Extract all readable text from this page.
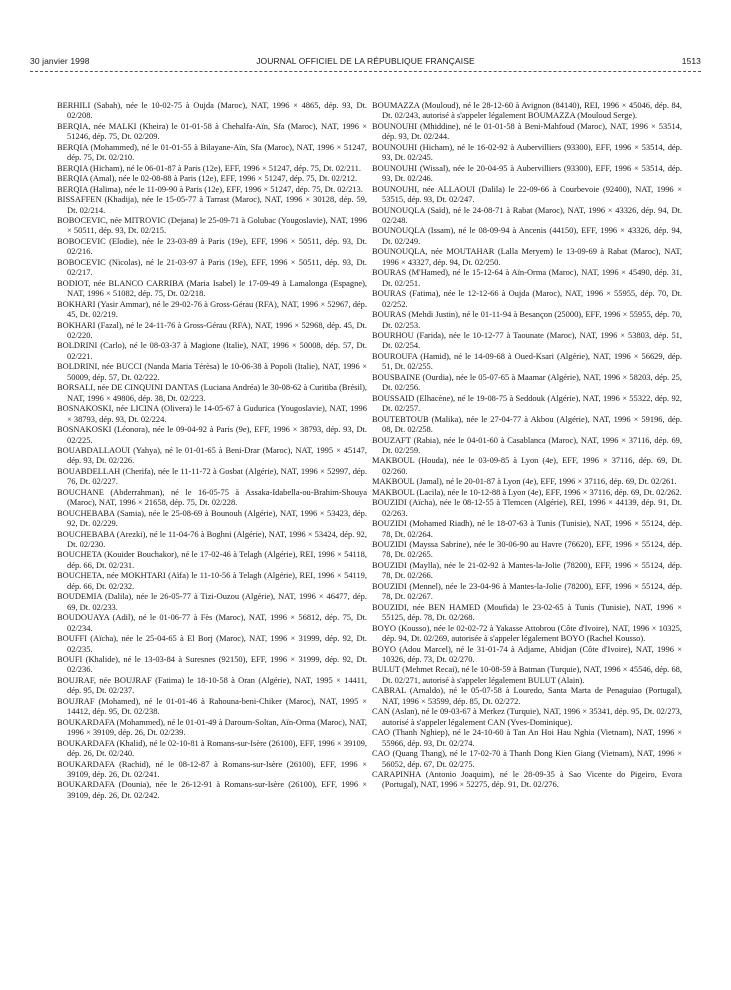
30 janvier 1998	JOURNAL OFFICIEL DE LA RÉPUBLIQUE FRANÇAISE	1513

BERHILI (Sabah), née le 10-02-75 à Oujda (Maroc), NAT, 1996 × 4865, dép. 93, Dt. 02/208.

BERQIA, née MALKI (Kheira) le 01-01-58 à Chehalfa-Aïn, Sfa (Maroc), NAT, 1996 × 51246, dép. 75, Dt. 02/209.

BERQIA (Mohammed), né le 01-01-55 à Bilayane-Aïn, Sfa (Maroc), NAT, 1996 × 51247, dép. 75, Dt. 02/210.

BERQIA (Hicham), né le 06-01-87 à Paris (12e), EFF, 1996 × 51247, dép. 75, Dt. 02/211.

BERQIA (Amal), née le 02-08-88 à Paris (12e), EFF, 1996 × 51247, dép. 75, Dt. 02/212.

BERQIA (Halima), née le 11-09-90 à Paris (12e), EFF, 1996 × 51247, dép. 75, Dt. 02/213.

BISSAFFEN (Khadija), née le 15-05-77 à Tarrast (Maroc), NAT, 1996 × 30128, dép. 59, Dt. 02/214.

BOBOCEVIC, née MITROVIC (Dejana) le 25-09-71 à Golubac (Yougoslavie), NAT, 1996 × 50511, dép. 93, Dt. 02/215.

BOBOCEVIC (Elodie), née le 23-03-89 à Paris (19e), EFF, 1996 × 50511, dép. 93, Dt. 02/216.

BOBOCEVIC (Nicolas), né le 21-03-97 à Paris (19e), EFF, 1996 × 50511, dép. 93, Dt. 02/217.

BODIOT, née BLANCO CARRIBA (Maria Isabel) le 17-09-49 à Lamalonga (Espagne), NAT, 1996 × 51082, dép. 75, Dt. 02/218.

BOKHARI (Yasir Ammar), né le 29-02-76 à Gross-Gérau (RFA), NAT, 1996 × 52967, dép. 45, Dt. 02/219.

BOKHARI (Fazal), né le 24-11-76 à Gross-Gérau (RFA), NAT, 1996 × 52968, dép. 45, Dt. 02/220.

BOLDRINI (Carlo), né le 08-03-37 à Magione (Italie), NAT, 1996 × 50008, dép. 57, Dt. 02/221.

BOLDRINI, née BUCCI (Nanda Maria Térèsa) le 10-06-38 à Popoli (Italie), NAT, 1996 × 50009, dép. 57, Dt. 02/222.

BORSALI, née DE CINQUINI DANTAS (Luciana Andréa) le 30-08-62 à Curitiba (Brésil), NAT, 1996 × 49806, dép. 38, Dt. 02/223.

BOSNAKOSKI, née LICINA (Olivera) le 14-05-67 à Gudurica (Yougoslavie), NAT, 1996 × 38793, dép. 93, Dt. 02/224.

BOSNAKOSKI (Léonora), née le 09-04-92 à Paris (9e), EFF, 1996 × 38793, dép. 93, Dt. 02/225.

BOUABDALLAOUI (Yahya), né le 01-01-65 à Beni-Drar (Maroc), NAT, 1995 × 45147, dép. 93, Dt. 02/226.

BOUABDELLAH (Cherifa), née le 11-11-72 à Gosbat (Algérie), NAT, 1996 × 52997, dép. 76, Dt. 02/227.

BOUCHANE (Abderrahman), né le 16-05-75 à Assaka-Idabella-ou-Brahim-Shouya (Maroc), NAT, 1996 × 21658, dép. 75, Dt. 02/228.

BOUCHEBABA (Samia), née le 25-08-69 à Bounouh (Algérie), NAT, 1996 × 53423, dép. 92, Dt. 02/229.

BOUCHEBABA (Arezki), né le 11-04-76 à Boghni (Algérie), NAT, 1996 × 53424, dép. 92, Dt. 02/230.

BOUCHETA (Kouider Bouchakor), né le 17-02-46 à Telagh (Algérie), REI, 1996 × 54118, dép. 66, Dt. 02/231.

BOUCHETA, née MOKHTARI (Aïfa) le 11-10-56 à Telagh (Algérie), REI, 1996 × 54119, dép. 66, Dt. 02/232.

BOUDEMIA (Dalila), née le 26-05-77 à Tizi-Ouzou (Algérie), NAT, 1996 × 46477, dép. 69, Dt. 02/233.

BOUDOUAYA (Adil), né le 01-06-77 à Fès (Maroc), NAT, 1996 × 56812, dép. 75, Dt. 02/234.

BOUFFI (Aïcha), née le 25-04-65 à El Borj (Maroc), NAT, 1996 × 31999, dép. 92, Dt. 02/235.

BOUFI (Khalide), né le 13-03-84 à Suresnes (92150), EFF, 1996 × 31999, dép. 92, Dt. 02/236.

BOUJRAF, née BOUJRAF (Fatima) le 18-10-58 à Oran (Algérie), NAT, 1995 × 14411, dép. 95, Dt. 02/237.

BOUJRAF (Mohamed), né le 01-01-46 à Rahouna-beni-Chiker (Maroc), NAT, 1995 × 14412, dép. 95, Dt. 02/238.

BOUKARDAFA (Mohammed), né le 01-01-49 à Daroum-Soltan, Aïn-Orma (Maroc), NAT, 1996 × 39109, dép. 26, Dt. 02/239.

BOUKARDAFA (Khalid), né le 02-10-81 à Romans-sur-Isère (26100), EFF, 1996 × 39109, dép. 26, Dt. 02/240.

BOUKARDAFA (Rachid), né le 08-12-87 à Romans-sur-Isère (26100), EFF, 1996 × 39109, dép. 26, Dt. 02/241.

BOUKARDAFA (Dounia), née le 26-12-91 à Romans-sur-Isère (26100), EFF, 1996 × 39109, dép. 26, Dt. 02/242.

BOUMAZZA (Mouloud), né le 28-12-60 à Avignon (84140), REI, 1996 × 45046, dép. 84, Dt. 02/243, autorisé à s'appeler légalement BOUMAZZA (Mouloud Serge).

BOUNOUHI (Mhiddine), né le 01-01-58 à Beni-Mahfoud (Maroc), NAT, 1996 × 53514, dép. 93, Dt. 02/244.

BOUNOUHI (Hicham), né le 16-02-92 à Aubervilliers (93300), EFF, 1996 × 53514, dép. 93, Dt. 02/245.

BOUNOUHI (Wissal), née le 20-04-95 à Aubervilliers (93300), EFF, 1996 × 53514, dép. 93, Dt. 02/246.

BOUNOUHI, née ALLAOUI (Dalila) le 22-09-66 à Courbevoie (92400), NAT, 1996 × 53515, dép. 93, Dt. 02/247.

BOUNOUQLA (Saïd), né le 24-08-71 à Rabat (Maroc), NAT, 1996 × 43326, dép. 94, Dt. 02/248.

BOUNOUQLA (Issam), né le 08-09-94 à Ancenis (44150), EFF, 1996 × 43326, dép. 94, Dt. 02/249.

BOUNOUQLA, née MOUTAHAR (Lalla Meryem) le 13-09-69 à Rabat (Maroc), NAT, 1996 × 43327, dép. 94, Dt. 02/250.

BOURAS (M'Hamed), né le 15-12-64 à Aïn-Orma (Maroc), NAT, 1996 × 45490, dép. 31, Dt. 02/251.

BOURAS (Fatima), née le 12-12-66 à Oujda (Maroc), NAT, 1996 × 55955, dép. 70, Dt. 02/252.

BOURAS (Mehdi Justin), né le 01-11-94 à Besançon (25000), EFF, 1996 × 55955, dép. 70, Dt. 02/253.

BOURHOU (Farida), née le 10-12-77 à Taounate (Maroc), NAT, 1996 × 53803, dép. 51, Dt. 02/254.

BOUROUFA (Hamid), né le 14-09-68 à Oued-Ksari (Algérie), NAT, 1996 × 56629, dép. 51, Dt. 02/255.

BOUSBAINE (Ourdia), née le 05-07-65 à Maamar (Algérie), NAT, 1996 × 58203, dép. 25, Dt. 02/256.

BOUSSAID (Elhacène), né le 19-08-75 à Seddouk (Algérie), NAT, 1996 × 55322, dép. 92, Dt. 02/257.

BOUTEBTOUB (Malika), née le 27-04-77 à Akbou (Algérie), NAT, 1996 × 59196, dép. 08, Dt. 02/258.

BOUZAFT (Rabia), née le 04-01-60 à Casablanca (Maroc), NAT, 1996 × 37116, dép. 69, Dt. 02/259.

MAKBOUL (Houda), née le 03-09-85 à Lyon (4e), EFF, 1996 × 37116, dép. 69, Dt. 02/260.

MAKBOUL (Jamal), né le 20-01-87 à Lyon (4e), EFF, 1996 × 37116, dép. 69, Dt. 02/261.

MAKBOUL (Lacila), née le 10-12-88 à Lyon (4e), EFF, 1996 × 37116, dép. 69, Dt. 02/262.

BOUZIDI (Aïcha), née le 08-12-55 à Tlemcen (Algérie), REI, 1996 × 44139, dép. 91, Dt. 02/263.

BOUZIDI (Mohamed Riadh), né le 18-07-63 à Tunis (Tunisie), NAT, 1996 × 55124, dép. 78, Dt. 02/264.

BOUZIDI (Mayssa Sabrine), née le 30-06-90 au Havre (76620), EFF, 1996 × 55124, dép. 78, Dt. 02/265.

BOUZIDI (Maylla), née le 21-02-92 à Mantes-la-Jolie (78200), EFF, 1996 × 55124, dép. 78, Dt. 02/266.

BOUZIDI (Mennel), née le 23-04-96 à Mantes-la-Jolie (78200), EFF, 1996 × 55124, dép. 78, Dt. 02/267.

BOUZIDI, née BEN HAMED (Moufida) le 23-02-65 à Tunis (Tunisie), NAT, 1996 × 55125, dép. 78, Dt. 02/268.

BOYO (Kousso), née le 02-02-72 à Yakasse Attobrou (Côte d'Ivoire), NAT, 1996 × 10325, dép. 94, Dt. 02/269, autorisée à s'appeler légalement BOYO (Rachel Kousso).

BOYO (Adou Marcel), né le 31-01-74 à Adjame, Abidjan (Côte d'Ivoire), NAT, 1996 × 10326, dép. 73, Dt. 02/270.

BULUT (Mehmet Recai), né le 10-08-59 à Batman (Turquie), NAT, 1996 × 45546, dép. 68, Dt. 02/271, autorisé à s'appeler légalement BULUT (Alain).

CABRAL (Arnaldo), né le 05-07-58 à Louredo, Santa Marta de Penaguiao (Portugal), NAT, 1996 × 53599, dép. 85, Dt. 02/272.

CAN (Aslan), né le 09-03-67 à Merkez (Turquie), NAT, 1996 × 35341, dép. 95, Dt. 02/273, autorisé à s'appeler légalement CAN (Yves-Dominique).

CAO (Thanh Nghiep), né le 24-10-60 à Tan An Hoi Hau Nghia (Vietnam), NAT, 1996 × 55966, dép. 93, Dt. 02/274.

CAO (Quang Thang), né le 17-02-70 à Thanh Dong Kien Giang (Vietnam), NAT, 1996 × 56052, dép. 67, Dt. 02/275.

CARAPINHA (Antonio Joaquim), né le 28-09-35 à Sao Vicente do Pigeiro, Evora (Portugal), NAT, 1996 × 52275, dép. 91, Dt. 02/276.
